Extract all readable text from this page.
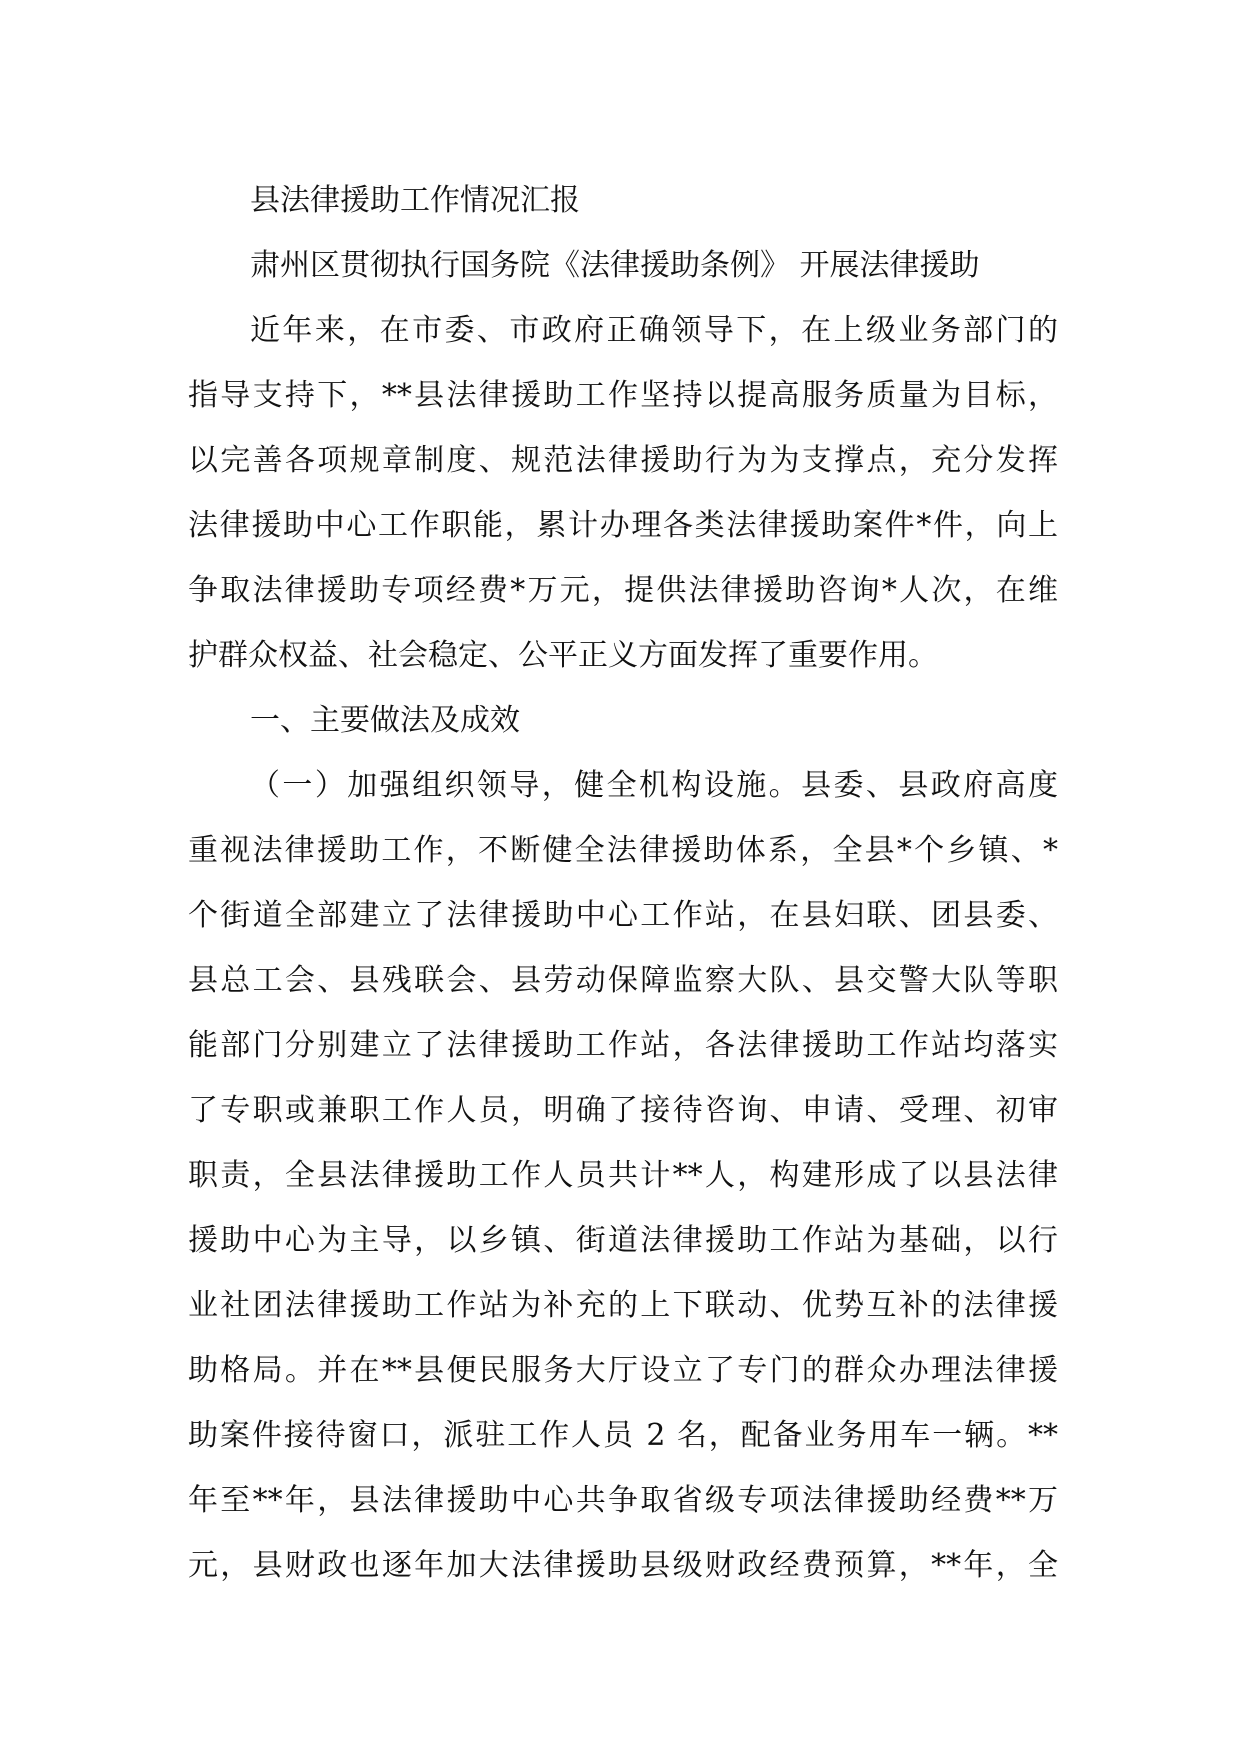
县法律援助工作情况汇报
肃州区贯彻执行国务院《法律援助条例》 开展法律援助
近年来，在市委、市政府正确领导下，在上级业务部门的
指导支持下，**县法律援助工作坚持以提高服务质量为目标，
以完善各项规章制度、规范法律援助行为为支撑点，充分发挥
法律援助中心工作职能，累计办理各类法律援助案件*件，向上
争取法律援助专项经费*万元，提供法律援助咨询*人次，在维
护群众权益、社会稳定、公平正义方面发挥了重要作用。
一、主要做法及成效
（一）加强组织领导，健全机构设施。县委、县政府高度
重视法律援助工作，不断健全法律援助体系，全县*个乡镇、*
个街道全部建立了法律援助中心工作站，在县妇联、团县委、
县总工会、县残联会、县劳动保障监察大队、县交警大队等职
能部门分别建立了法律援助工作站，各法律援助工作站均落实
了专职或兼职工作人员，明确了接待咨询、申请、受理、初审
职责，全县法律援助工作人员共计**人，构建形成了以县法律
援助中心为主导，以乡镇、街道法律援助工作站为基础，以行
业社团法律援助工作站为补充的上下联动、优势互补的法律援
助格局。并在**县便民服务大厅设立了专门的群众办理法律援
助案件接待窗口，派驻工作人员 2 名，配备业务用车一辆。**
年至**年，县法律援助中心共争取省级专项法律援助经费**万
元，县财政也逐年加大法律援助县级财政经费预算，**年，全
